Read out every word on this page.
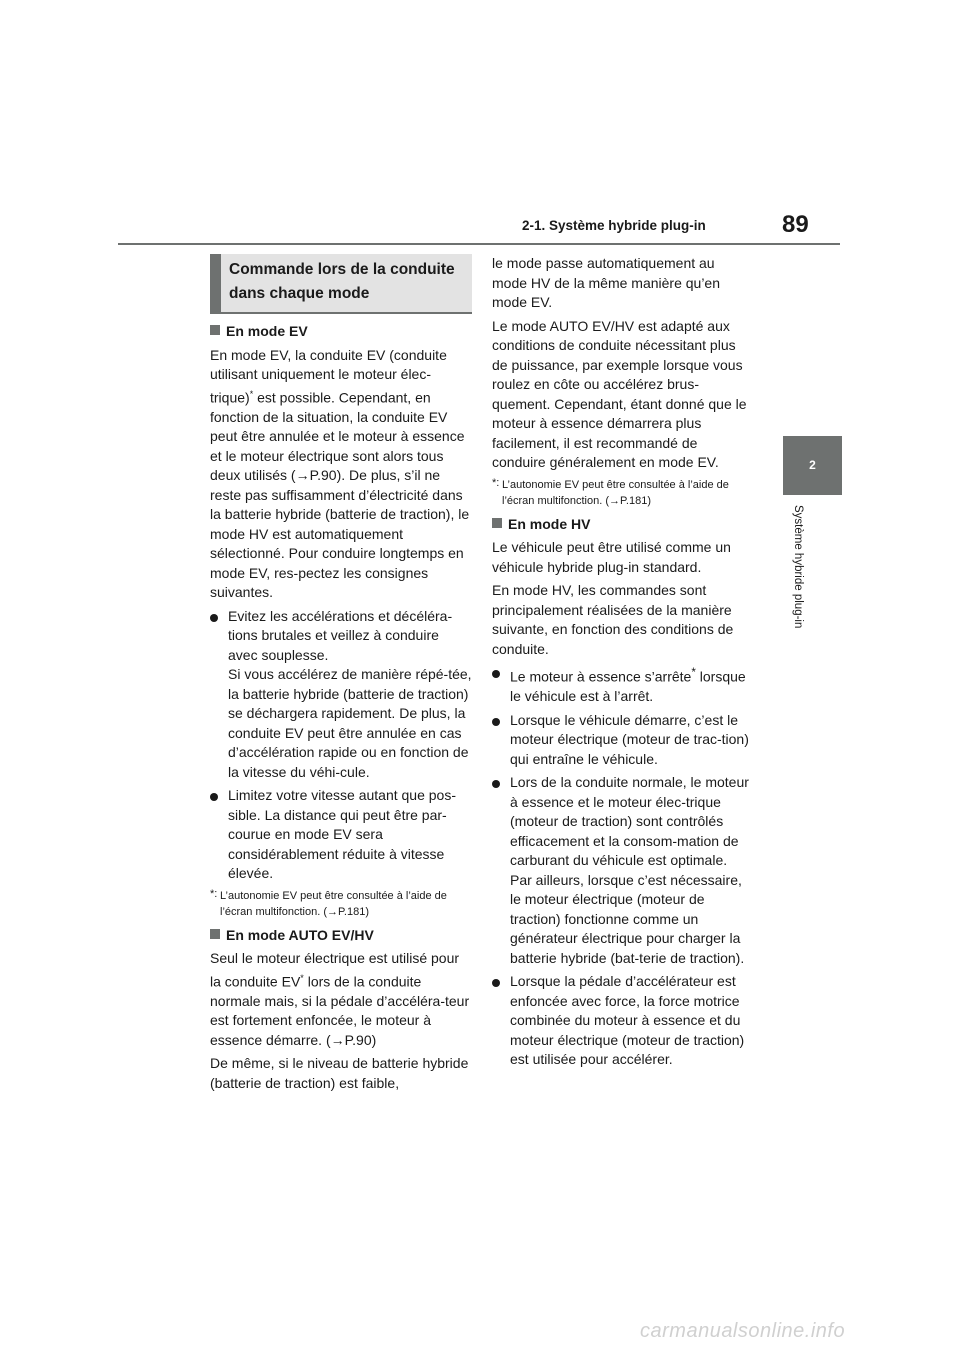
2-1. Système hybride plug-in	89
2
Système hybride plug-in
Commande lors de la conduite dans chaque mode
En mode EV

En mode EV, la conduite EV (conduite utilisant uniquement le moteur élec-trique)* est possible. Cependant, en fonction de la situation, la conduite EV peut être annulée et le moteur à essence et le moteur électrique sont alors tous deux utilisés (→P.90). De plus, s’il ne reste pas suffisamment d’électricité dans la batterie hybride (batterie de traction), le mode HV est automatiquement sélectionné. Pour conduire longtemps en mode EV, res-pectez les consignes suivantes.

Evitez les accélérations et décéléra-tions brutales et veillez à conduire avec souplesse.
Si vous accélérez de manière répé-tée, la batterie hybride (batterie de traction) se déchargera rapidement. De plus, la conduite EV peut être annulée en cas d’accélération rapide ou en fonction de la vitesse du véhi-cule.
Limitez votre vitesse autant que pos-sible. La distance qui peut être par-courue en mode EV sera considérablement réduite à vitesse élevée.
*: L’autonomie EV peut être consultée à l’aide de l’écran multifonction. (→P.181)
En mode AUTO EV/HV

Seul le moteur électrique est utilisé pour la conduite EV* lors de la conduite normale mais, si la pédale d’accéléra-teur est fortement enfoncée, le moteur à essence démarre. (→P.90)

De même, si le niveau de batterie hybride (batterie de traction) est faible,

le mode passe automatiquement au mode HV de la même manière qu’en mode EV.

Le mode AUTO EV/HV est adapté aux conditions de conduite nécessitant plus de puissance, par exemple lorsque vous roulez en côte ou accélérez brus-quement. Cependant, étant donné que le moteur à essence démarrera plus facilement, il est recommandé de conduire généralement en mode EV.

*: L’autonomie EV peut être consultée à l’aide de l’écran multifonction. (→P.181)
En mode HV

Le véhicule peut être utilisé comme un véhicule hybride plug-in standard.

En mode HV, les commandes sont principalement réalisées de la manière suivante, en fonction des conditions de conduite.

Le moteur à essence s’arrête* lorsque le véhicule est à l’arrêt.
Lorsque le véhicule démarre, c’est le moteur électrique (moteur de trac-tion) qui entraîne le véhicule.
Lors de la conduite normale, le moteur à essence et le moteur élec-trique (moteur de traction) sont contrôlés efficacement et la consom-mation de carburant du véhicule est optimale. Par ailleurs, lorsque c’est nécessaire, le moteur électrique (moteur de traction) fonctionne comme un générateur électrique pour charger la batterie hybride (bat-terie de traction).
Lorsque la pédale d’accélérateur est enfoncée avec force, la force motrice combinée du moteur à essence et du moteur électrique (moteur de traction) est utilisée pour accélérer.
carmanualsonline.info
